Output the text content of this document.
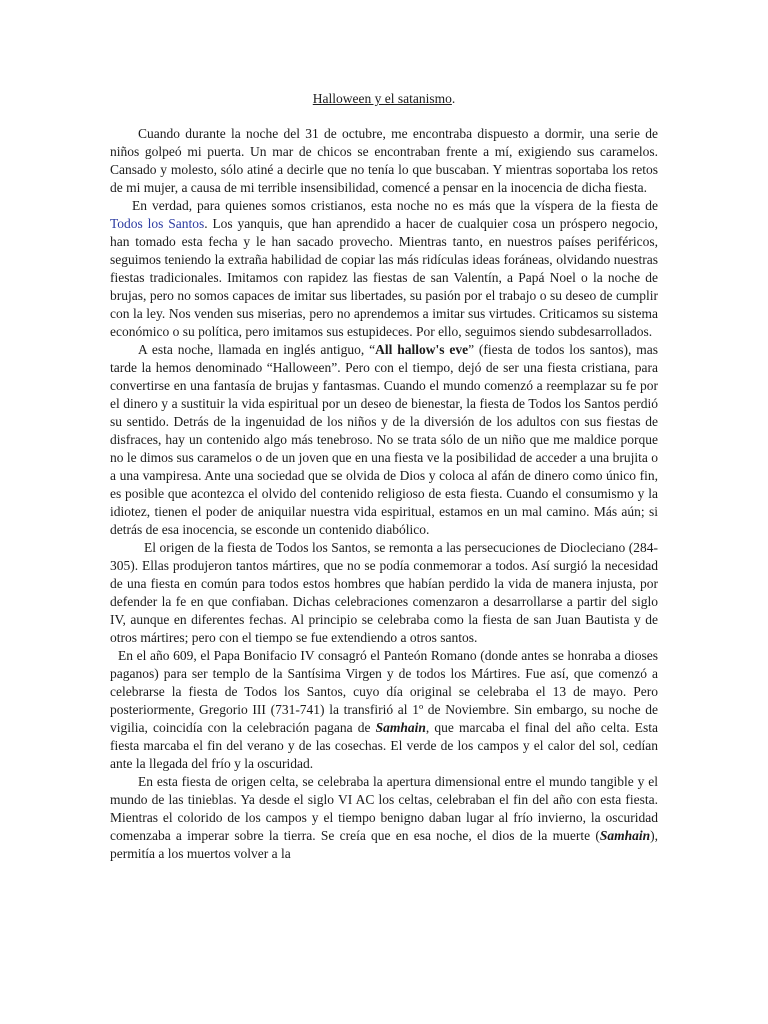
Halloween y el satanismo.

Cuando durante la noche del 31 de octubre, me encontraba dispuesto a dormir, una serie de niños golpeó mi puerta. Un mar de chicos se encontraban frente a mí, exigiendo sus caramelos. Cansado y molesto, sólo atiné a decirle que no tenía lo que buscaban. Y mientras soportaba los retos de mi mujer, a causa de mi terrible insensibilidad, comencé a pensar en la inocencia de dicha fiesta.

En verdad, para quienes somos cristianos, esta noche no es más que la víspera de la fiesta de Todos los Santos. Los yanquis, que han aprendido a hacer de cualquier cosa un próspero negocio, han tomado esta fecha y le han sacado provecho. Mientras tanto, en nuestros países periféricos, seguimos teniendo la extraña habilidad de copiar las más ridículas ideas foráneas, olvidando nuestras fiestas tradicionales. Imitamos con rapidez las fiestas de san Valentín, a Papá Noel o la noche de brujas, pero no somos capaces de imitar sus libertades, su pasión por el trabajo o su deseo de cumplir con la ley. Nos venden sus miserias, pero no aprendemos a imitar sus virtudes. Criticamos su sistema económico o su política, pero imitamos sus estupideces. Por ello, seguimos siendo subdesarrollados.

A esta noche, llamada en inglés antiguo, “All hallow's eve” (fiesta de todos los santos), mas tarde la hemos denominado “Halloween”. Pero con el tiempo, dejó de ser una fiesta cristiana, para convertirse en una fantasía de brujas y fantasmas. Cuando el mundo comenzó a reemplazar su fe por el dinero y a sustituir la vida espiritual por un deseo de bienestar, la fiesta de Todos los Santos perdió su sentido. Detrás de la ingenuidad de los niños y de la diversión de los adultos con sus fiestas de disfraces, hay un contenido algo más tenebroso. No se trata sólo de un niño que me maldice porque no le dimos sus caramelos o de un joven que en una fiesta ve la posibilidad de acceder a una brujita o a una vampiresa. Ante una sociedad que se olvida de Dios y coloca al afán de dinero como único fin, es posible que acontezca el olvido del contenido religioso de esta fiesta. Cuando el consumismo y la idiotez, tienen el poder de aniquilar nuestra vida espiritual, estamos en un mal camino. Más aún; si detrás de esa inocencia, se esconde un contenido diabólico.

El origen de la fiesta de Todos los Santos, se remonta a las persecuciones de Diocleciano (284-305). Ellas produjeron tantos mártires, que no se podía conmemorar a todos. Así surgió la necesidad de una fiesta en común para todos estos hombres que habían perdido la vida de manera injusta, por defender la fe en que confiaban. Dichas celebraciones comenzaron a desarrollarse a partir del siglo IV, aunque en diferentes fechas. Al principio se celebraba como la fiesta de san Juan Bautista y de otros mártires; pero con el tiempo se fue extendiendo a otros santos.

En el año 609, el Papa Bonifacio IV consagró el Panteón Romano (donde antes se honraba a dioses paganos) para ser templo de la Santísima Virgen y de todos los Mártires. Fue así, que comenzó a celebrarse la fiesta de Todos los Santos, cuyo día original se celebraba el 13 de mayo. Pero posteriormente, Gregorio III (731-741) la transfirió al 1º de Noviembre. Sin embargo, su noche de vigilia, coincidía con la celebración pagana de Samhain, que marcaba el final del año celta. Esta fiesta marcaba el fin del verano y de las cosechas. El verde de los campos y el calor del sol, cedían ante la llegada del frío y la oscuridad.

En esta fiesta de origen celta, se celebraba la apertura dimensional entre el mundo tangible y el mundo de las tinieblas. Ya desde el siglo VI AC los celtas, celebraban el fin del año con esta fiesta. Mientras el colorido de los campos y el tiempo benigno daban lugar al frío invierno, la oscuridad comenzaba a imperar sobre la tierra. Se creía que en esa noche, el dios de la muerte (Samhain), permitía a los muertos volver a la
